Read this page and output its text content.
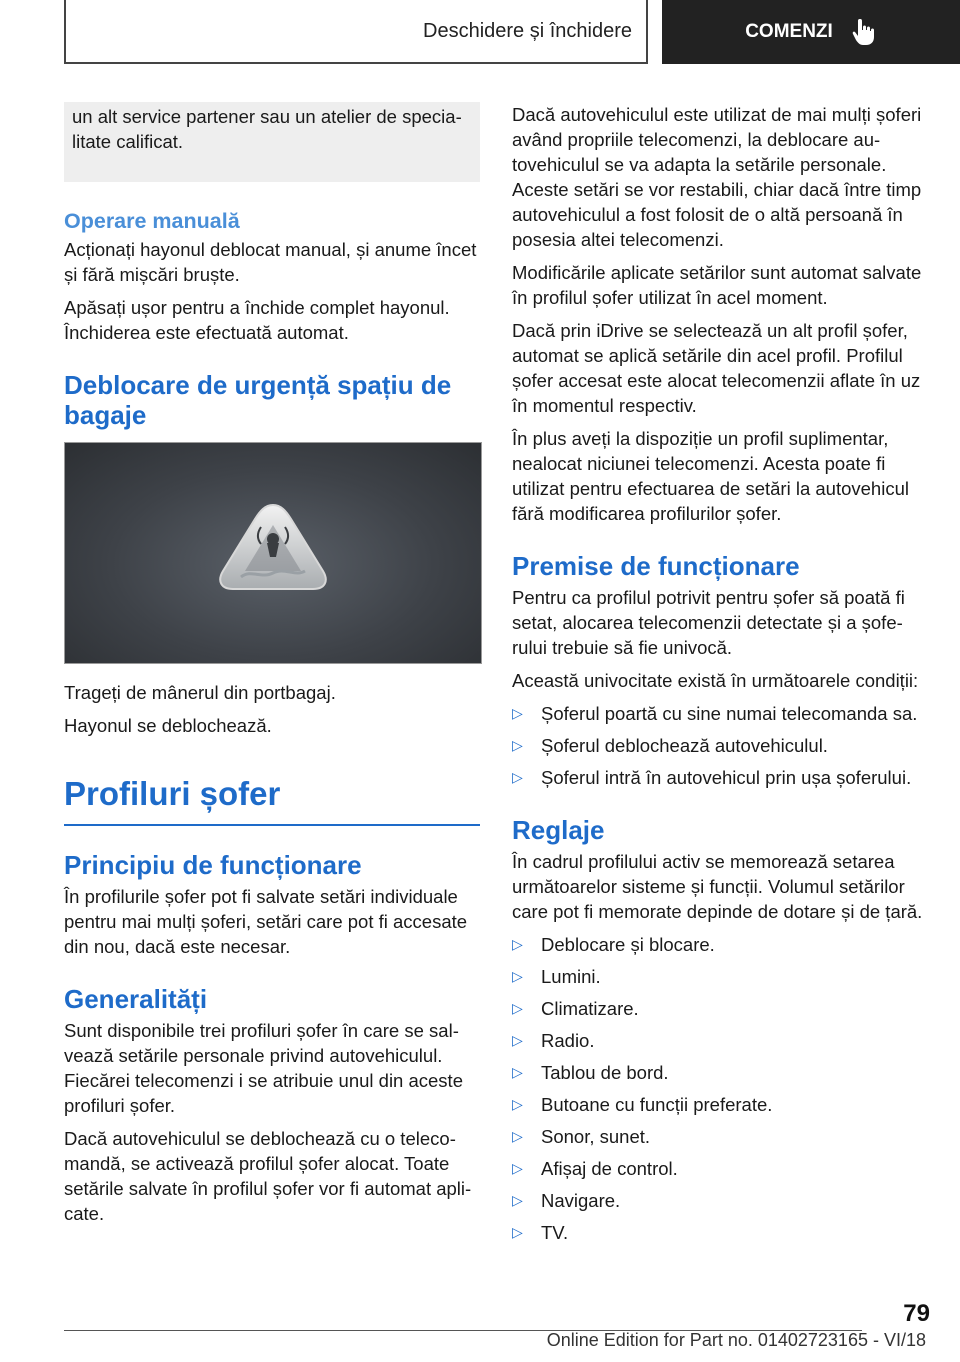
Deschidere și închidere	COMENZI

un alt service partener sau un atelier de specialitate calificat.

Operare manuală

Acționați hayonul deblocat manual, și anume încet și fără mișcări bruște.

Apăsați ușor pentru a închide complet hayonul. Închiderea este efectuată automat.

Deblocare de urgență spațiu de bagaje

Trageți de mânerul din portbagaj.

Hayonul se deblochează.

Profiluri șofer
Principiu de funcționare

În profilurile șofer pot fi salvate setări individuale pentru mai mulți șoferi, setări care pot fi accesate din nou, dacă este necesar.

Generalități

Sunt disponibile trei profiluri șofer în care se salvează setările personale privind autovehiculul. Fiecărei telecomenzi i se atribuie unul din aceste profiluri șofer.

Dacă autovehiculul se deblochează cu o telecomandă, se activează profilul șofer alocat. Toate setările salvate în profilul șofer vor fi automat aplicate.

Dacă autovehiculul este utilizat de mai mulți șoferi având propriile telecomenzi, la deblocare autovehiculul se va adapta la setările personale. Aceste setări se vor restabili, chiar dacă între timp autovehiculul a fost folosit de o altă persoană în posesia altei telecomenzi.

Modificările aplicate setărilor sunt automat salvate în profilul șofer utilizat în acel moment.

Dacă prin iDrive se selectează un alt profil șofer, automat se aplică setările din acel profil. Profilul șofer accesat este alocat telecomenzii aflate în uz în momentul respectiv.

În plus aveți la dispoziție un profil suplimentar, nealocat niciunei telecomenzi. Acesta poate fi utilizat pentru efectuarea de setări la autovehicul fără modificarea profilurilor șofer.

Premise de funcționare

Pentru ca profilul potrivit pentru șofer să poată fi setat, alocarea telecomenzii detectate și a șoferului trebuie să fie univocă.

Această univocitate există în următoarele condiții:

▷ Șoferul poartă cu sine numai telecomanda sa.
▷ Șoferul deblochează autovehiculul.
▷ Șoferul intră în autovehicul prin ușa șoferului.
Reglaje

În cadrul profilului activ se memorează setarea următoarelor sisteme și funcții. Volumul setărilor care pot fi memorate depinde de dotare și de țară.

▷ Deblocare și blocare.
▷ Lumini.
▷ Climatizare.
▷ Radio.
▷ Tablou de bord.
▷ Butoane cu funcții preferate.
▷ Sonor, sunet.
▷ Afișaj de control.
▷ Navigare.
▷ TV.
79
Online Edition for Part no. 01402723165 - VI/18
